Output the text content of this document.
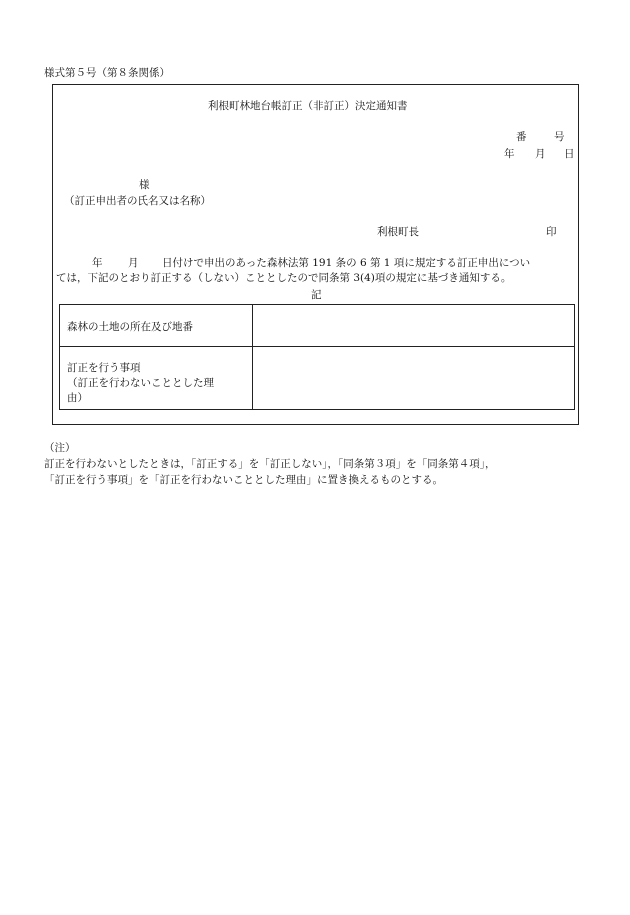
様式第５号（第８条関係）
利根町林地台帳訂正（非訂正）決定通知書
番	号
年 月 日
様
（訂正申出者の氏名又は名称）
利根町長	印
年 月 日付けで申出のあった森林法第 191 条の 6 第 1 項に規定する訂正申出につい
ては，下記のとおり訂正する（しない）こととしたので同条第 3(4)項の規定に基づき通知する。
記
森林の土地の所在及び地番
訂正を行う事項
（訂正を行わないこととした理
由）
（注）
訂正を行わないとしたときは，「訂正する」を「訂正しない」，「同条第３項」を「同条第４項」，
「訂正を行う事項」を「訂正を行わないこととした理由」に置き換えるものとする。
